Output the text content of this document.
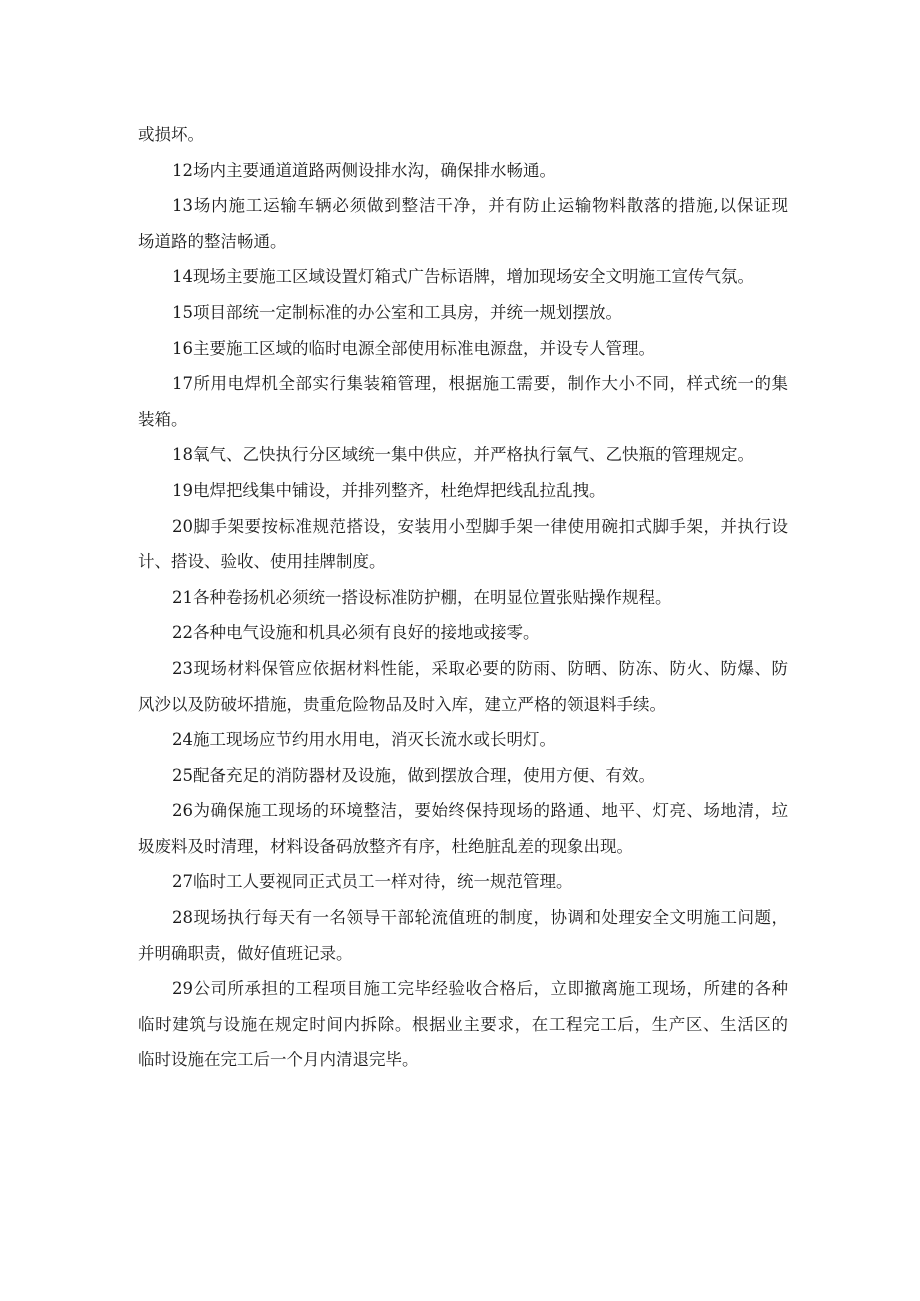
或损坏。
12场内主要通道道路两侧设排水沟，确保排水畅通。
13场内施工运输车辆必须做到整洁干净，并有防止运输物料散落的措施,以保证现
场道路的整洁畅通。
14现场主要施工区域设置灯箱式广告标语牌，增加现场安全文明施工宣传气氛。
15项目部统一定制标准的办公室和工具房，并统一规划摆放。
16主要施工区域的临时电源全部使用标准电源盘，并设专人管理。
17所用电焊机全部实行集装箱管理，根据施工需要，制作大小不同，样式统一的集
装箱。
18氧气、乙快执行分区域统一集中供应，并严格执行氧气、乙快瓶的管理规定。
19电焊把线集中铺设，并排列整齐，杜绝焊把线乱拉乱拽。
20脚手架要按标准规范搭设，安装用小型脚手架一律使用碗扣式脚手架，并执行设
计、搭设、验收、使用挂牌制度。
21各种卷扬机必须统一搭设标准防护棚，在明显位置张贴操作规程。
22各种电气设施和机具必须有良好的接地或接零。
23现场材料保管应依据材料性能，采取必要的防雨、防晒、防冻、防火、防爆、防
风沙以及防破坏措施，贵重危险物品及时入库，建立严格的领退料手续。
24施工现场应节约用水用电，消灭长流水或长明灯。
25配备充足的消防器材及设施，做到摆放合理，使用方便、有效。
26为确保施工现场的环境整洁，要始终保持现场的路通、地平、灯亮、场地清，垃
圾废料及时清理，材料设备码放整齐有序，杜绝脏乱差的现象出现。
27临时工人要视同正式员工一样对待，统一规范管理。
28现场执行每天有一名领导干部轮流值班的制度，协调和处理安全文明施工问题，
并明确职责，做好值班记录。
29公司所承担的工程项目施工完毕经验收合格后，立即撤离施工现场，所建的各种
临时建筑与设施在规定时间内拆除。根据业主要求，在工程完工后，生产区、生活区的
临时设施在完工后一个月内清退完毕。
